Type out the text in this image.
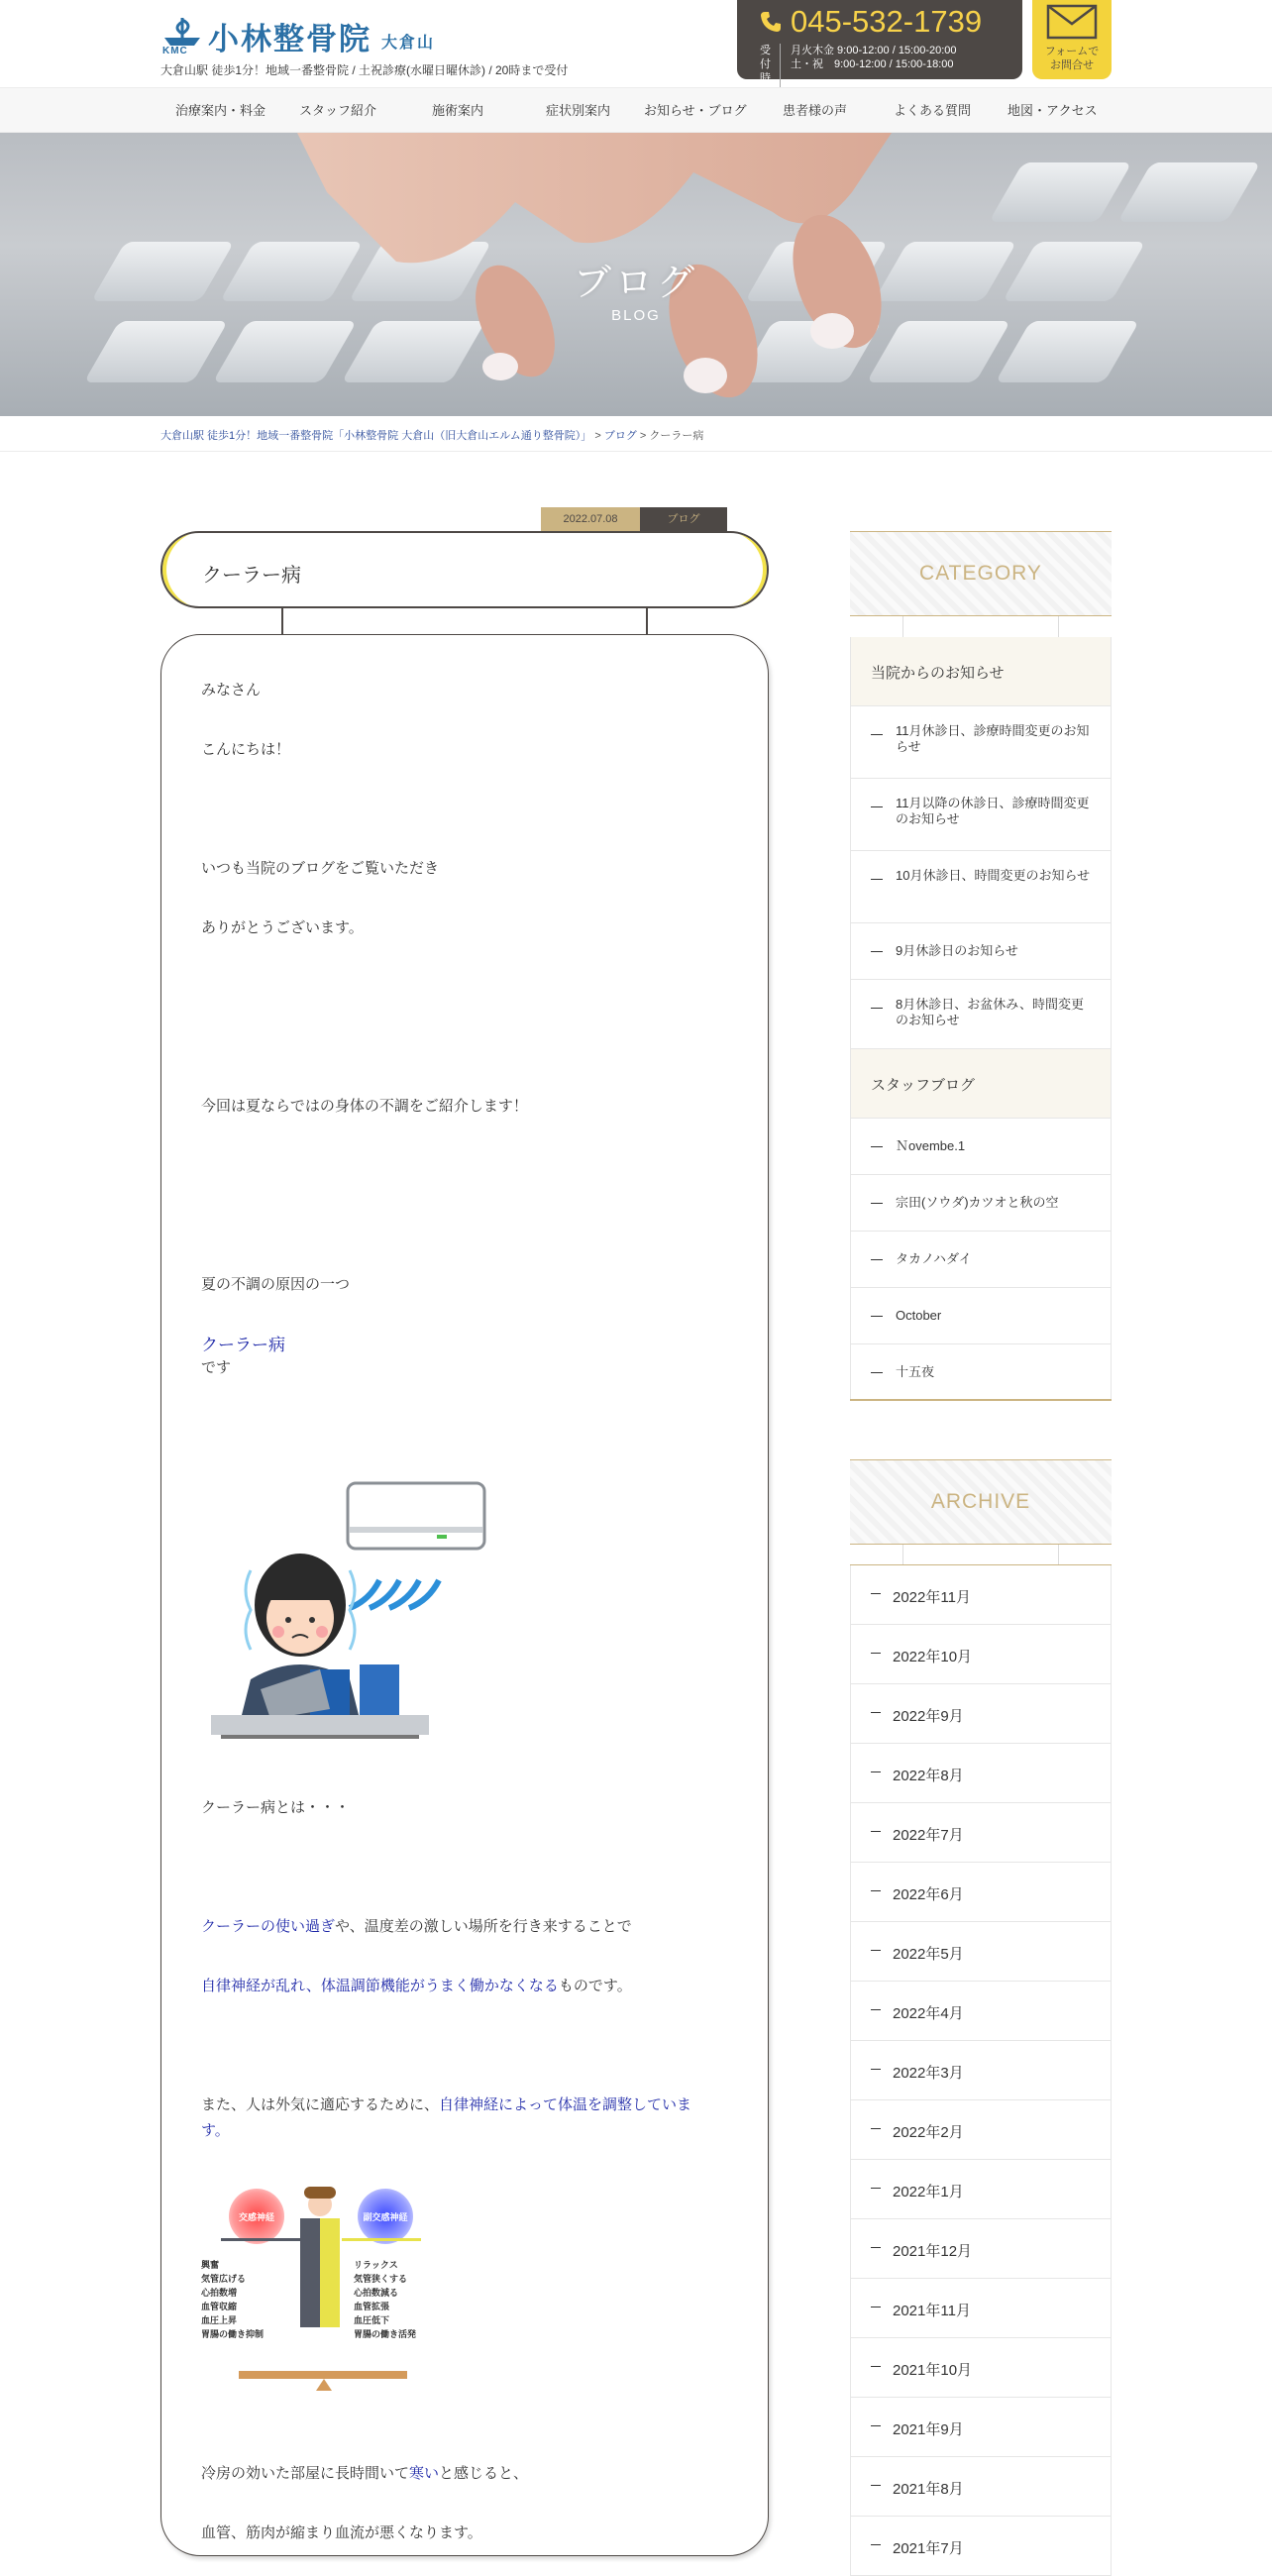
KMC 小林整骨院 大倉山
大倉山駅 徒歩1分！地域一番整骨院 / 土祝診療(水曜日曜休診) / 20時まで受付
045-532-1739
受付時
月火木金 9:00-12:00 / 15:00-20:00
土・祝　9:00-12:00 / 15:00-18:00
フォームで
お問合せ
治療案内・料金	スタッフ紹介	施術案内	症状別案内	お知らせ・ブログ	患者様の声	よくある質問	地図・アクセス
ブログ
BLOG
大倉山駅 徒歩1分！地域一番整骨院「小林整骨院 大倉山（旧大倉山エルム通り整骨院）」 > ブログ > クーラー病
2022.07.08	ブログ
クーラー病
みなさん
こんにちは！
いつも当院のブログをご覧いただき
ありがとうございます。
今回は夏ならではの身体の不調をご紹介します！
夏の不調の原因の一つ
クーラー病
です
クーラー病とは・・・
クーラーの使い過ぎや、温度差の激しい場所を行き来することで
自律神経が乱れ、体温調節機能がうまく働かなくなるものです。
また、人は外気に適応するために、自律神経によって体温を調整していま
す。
交感神経	副交感神経
興奮
気管広げる
心拍数増
血管収縮
血圧上昇
胃腸の働き抑制
リラックス
気管狭くする
心拍数減る
血管拡張
血圧低下
胃腸の働き活発
冷房の効いた部屋に長時間いて寒いと感じると、
血管、筋肉が縮まり血流が悪くなります。
CATEGORY
当院からのお知らせ
11月休診日、診療時間変更のお知らせ
11月以降の休診日、診療時間変更のお知らせ
10月休診日、時間変更のお知らせ
9月休診日のお知らせ
8月休診日、お盆休み、時間変更のお知らせ
スタッフブログ
Ｎovembe.1
宗田(ソウダ)カツオと秋の空
タカノハダイ
October
十五夜
ARCHIVE
2022年11月
2022年10月
2022年9月
2022年8月
2022年7月
2022年6月
2022年5月
2022年4月
2022年3月
2022年2月
2022年1月
2021年12月
2021年11月
2021年10月
2021年9月
2021年8月
2021年7月
